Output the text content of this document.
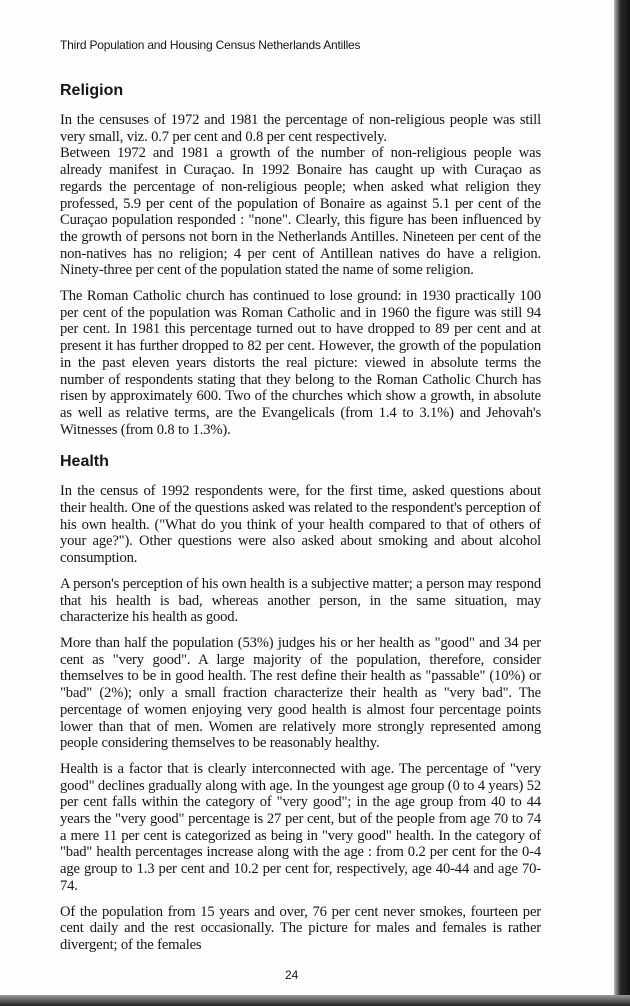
Third Population and Housing Census Netherlands Antilles
Religion

In the censuses of 1972 and 1981 the percentage of non-religious people was still very small, viz. 0.7 per cent and 0.8 per cent respectively.

Between 1972 and 1981 a growth of the number of non-religious people was already manifest in Curaçao. In 1992 Bonaire has caught up with Curaçao as regards the percentage of non-religious people; when asked what religion they professed, 5.9 per cent of the population of Bonaire as against 5.1 per cent of the Curaçao population responded : "none". Clearly, this figure has been influenced by the growth of persons not born in the Netherlands Antilles. Nineteen per cent of the non-natives has no religion; 4 per cent of Antillean natives do have a religion. Ninety-three per cent of the population stated the name of some religion.

The Roman Catholic church has continued to lose ground: in 1930 practically 100 per cent of the population was Roman Catholic and in 1960 the figure was still 94 per cent. In 1981 this percentage turned out to have dropped to 89 per cent and at present it has further dropped to 82 per cent. However, the growth of the population in the past eleven years distorts the real picture: viewed in absolute terms the number of respondents stating that they belong to the Roman Catholic Church has risen by approximately 600. Two of the churches which show a growth, in absolute as well as relative terms, are the Evangelicals (from 1.4 to 3.1%) and Jehovah's Witnesses (from 0.8 to 1.3%).

Health

In the census of 1992 respondents were, for the first time, asked questions about their health. One of the questions asked was related to the respondent's perception of his own health. ("What do you think of your health compared to that of others of your age?"). Other questions were also asked about smoking and about alcohol consumption.

A person's perception of his own health is a subjective matter; a person may respond that his health is bad, whereas another person, in the same situation, may characterize his health as good.

More than half the population (53%) judges his or her health as "good" and 34 per cent as "very good". A large majority of the population, therefore, consider themselves to be in good health. The rest define their health as "passable" (10%) or "bad" (2%); only a small fraction characterize their health as "very bad". The percentage of women enjoying very good health is almost four percentage points lower than that of men. Women are relatively more strongly represented among people considering themselves to be reasonably healthy.

Health is a factor that is clearly interconnected with age. The percentage of "very good" declines gradually along with age. In the youngest age group (0 to 4 years) 52 per cent falls within the category of "very good"; in the age group from 40 to 44 years the "very good" percentage is 27 per cent, but of the people from age 70 to 74 a mere 11 per cent is categorized as being in "very good" health. In the category of "bad" health percentages increase along with the age : from 0.2 per cent for the 0-4 age group to 1.3 per cent and 10.2 per cent for, respectively, age 40-44 and age 70-74.

Of the population from 15 years and over, 76 per cent never smokes, fourteen per cent daily and the rest occasionally. The picture for males and females is rather divergent; of the females

24
